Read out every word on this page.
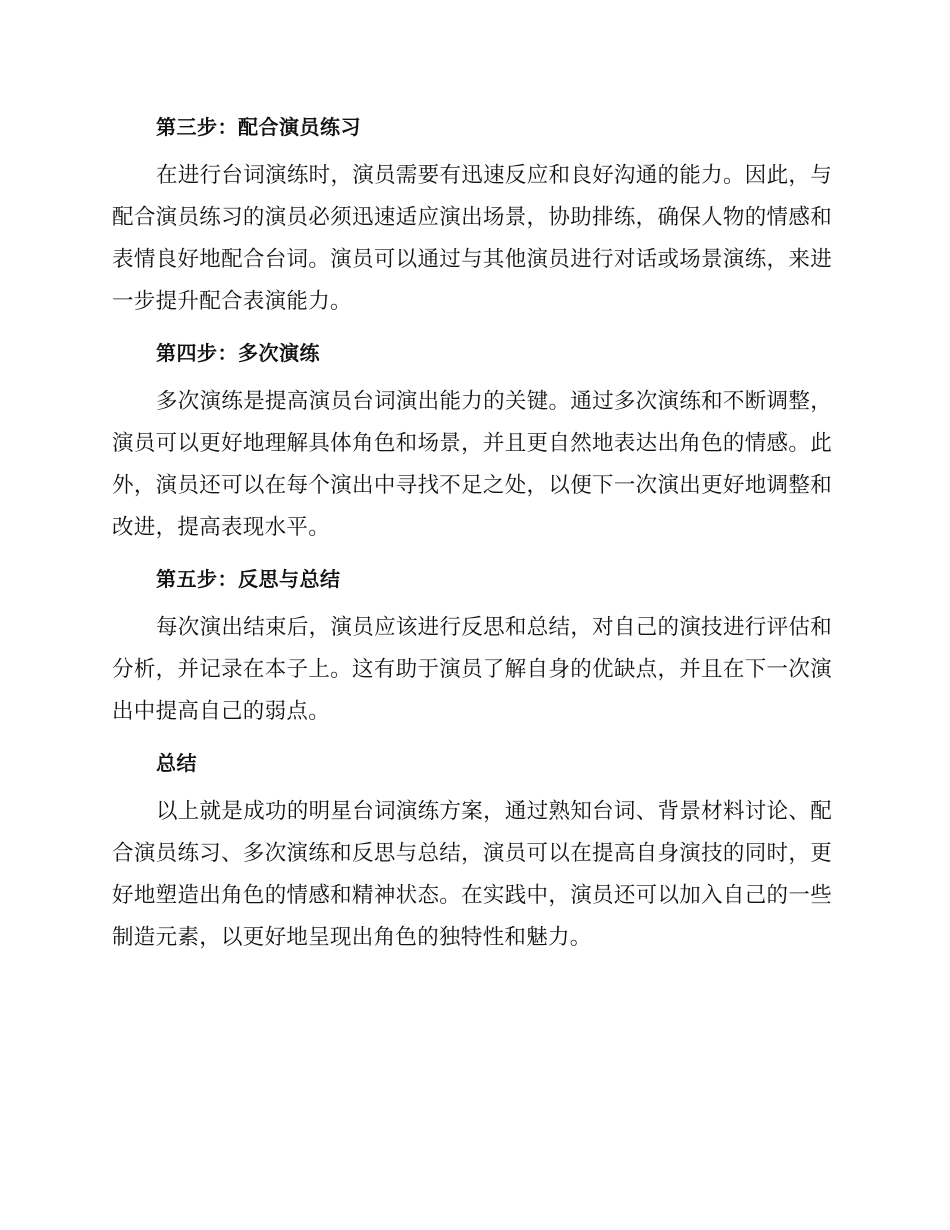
第三步：配合演员练习

在进行台词演练时，演员需要有迅速反应和良好沟通的能力。因此，与配合演员练习的演员必须迅速适应演出场景，协助排练，确保人物的情感和表情良好地配合台词。演员可以通过与其他演员进行对话或场景演练，来进一步提升配合表演能力。

第四步：多次演练

多次演练是提高演员台词演出能力的关键。通过多次演练和不断调整，演员可以更好地理解具体角色和场景，并且更自然地表达出角色的情感。此外，演员还可以在每个演出中寻找不足之处，以便下一次演出更好地调整和改进，提高表现水平。

第五步：反思与总结

每次演出结束后，演员应该进行反思和总结，对自己的演技进行评估和分析，并记录在本子上。这有助于演员了解自身的优缺点，并且在下一次演出中提高自己的弱点。

总结

以上就是成功的明星台词演练方案，通过熟知台词、背景材料讨论、配合演员练习、多次演练和反思与总结，演员可以在提高自身演技的同时，更好地塑造出角色的情感和精神状态。在实践中，演员还可以加入自己的一些制造元素，以更好地呈现出角色的独特性和魅力。
